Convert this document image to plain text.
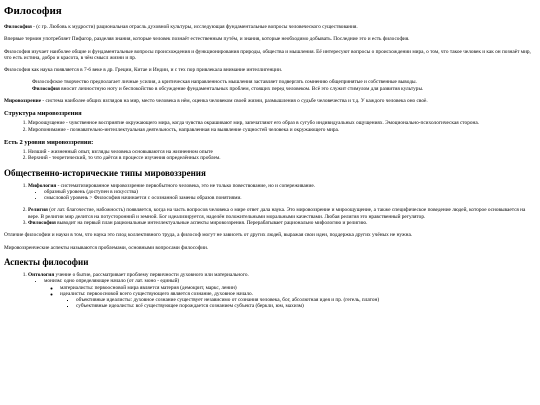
Философия

Философия - (с гр. Любовь к мудрости) рациональная отрасль духовной культуры, исследующая фундаментальные вопросы человеческого существования.

Впервые термин употребляет Пифагор, разделяя знания, которые человек познаёт естественным путём, и знания, которые необходимо добывать. Последние это и есть философия.

Философия изучает наиболее общие и фундаментальные вопросы происхождения и функционирования природы, общества и мышления. Её интересуют вопросы о происхождении мира, о том, что такое человек и как он познаёт мир, что есть истина, добро и красота, в чём смысл жизни и пр.

Философия как наука появляется в 7-6 веке в др. Греции, Китае и Индии, и с тех пор привлекала внимание интеллигенции.

Философское творчество предполагает личные усилия, а критическая направленность мышления заставляет подвергать сомнению общепринятые и собственные выводы.
Философия вносит личностную ноту и беспокойство в обсуждение фундаментальных проблем, стоящих перед человеком. Всё это служит стимулом для развития культуры.

Мировоззрение - система наиболее общих взглядов на мир, место человека в нём, оценка человеком своей жизни, размышления о судьбе человечества и т.д. У каждого человека оно своё.

Структура мировоззрения
1. Мироощущение - чувственное восприятие окружающего мира, когда чувства окрашивают мир, запечатляют его образ в сугубо индивидуальных ощущениях. Эмоционально-психологическая сторона.
2. Миропонимание - познавательно-интеллектуальная деятельность, направленная на выявление сущностей человека и окружающего мира.
Есть 2 уровня мировоззрения:
1. Низший - жизненный опыт, взгляды человека основываются на жизненном опыте
2. Верхний - теоретический, то что даётся в процессе изучения определённых проблем.
Общественно-исторические типы мировоззрения
1. Мифология - систематизированное мировоззрение первобытного человека, это не только повествование, но и сопереживание.
• образный уровень (доступен в искусства)
• смысловой уровень > Философия начинается с осознанной замены образов понятиями.
2. Религия (от лат. благочестие, набожность) появляется, когда на часть вопросов человека о мире ответ дала наука. Это мировоззрение и мироощущение, а также специфическое поведение людей, которое основывается на вере. В религии мир делится на потусторонний и земной. Бог идеализируется, наделён положительными моральными качествами. Любая религия это нравственный регулятор.
3. Философия выводит на первый план рациональные интеллектуальные аспекты мировоззрения. Перерабатывает рационально мифологию и религию.

Отличие философии и науки в том, что наука это плод коллективного труда, а философ могут не зависеть от других людей, выражая свои идеи, поддержка других учёных не нужна.

Мировоззренческие аспекты называются проблемами, основными вопросами философии.

Аспекты философии
1. Онтология учение о бытие, рассматривает проблему первичности духовного или материального.
• монизм: одно определяющее начало (от лат. моно - единый)
◦ материалисты: первоосновой мира является материя (демокрит, маркс, ленин)
◦ идеалисты: первоосновой всего существующего является сознание, духовное начало.
▪ объективные идеалисты: духовное сознание существует независимо от сознания человека, бог, абсолютная идея и пр. (гегель, платон)
▪ субъективные идеалисты: всё существующее порождается сознанием субъекта (беркли, юм, махизм)
